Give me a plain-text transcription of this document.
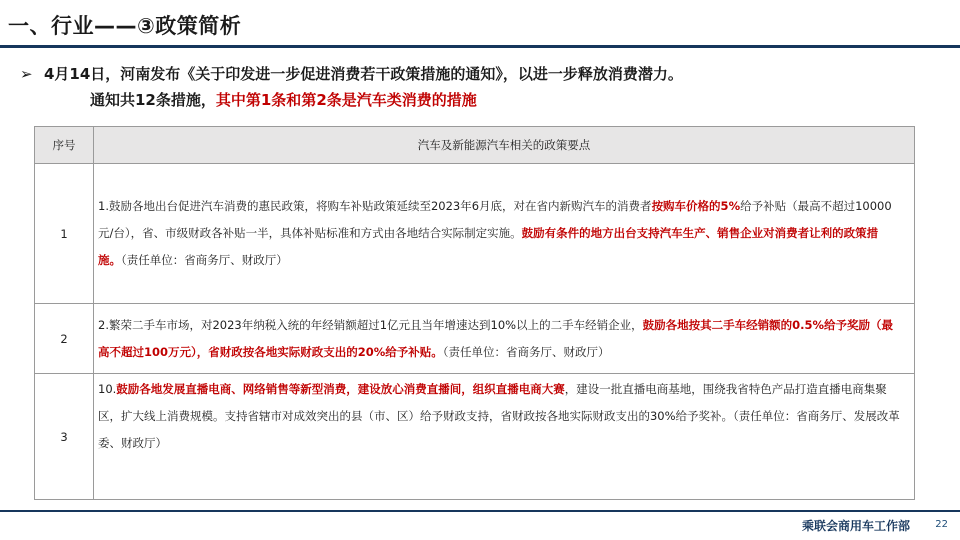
一、行业——③政策简析
➢ 4月14日，河南发布《关于印发进一步促进消费若干政策措施的通知》，以进一步释放消费潜力。
通知共12条措施，其中第1条和第2条是汽车类消费的措施
序号	汽车及新能源汽车相关的政策要点
1	1.鼓励各地出台促进汽车消费的惠民政策，将购车补贴政策延续至2023年6月底，对在省内新购汽车的消费者按购车价格的5%给予补贴（最高不超过10000元/台），省、市级财政各补贴一半，具体补贴标准和方式由各地结合实际制定实施。鼓励有条件的地方出台支持汽车生产、销售企业对消费者让利的政策措施。（责任单位：省商务厅、财政厅）
2	2.繁荣二手车市场，对2023年纳税入统的年经销额超过1亿元且当年增速达到10%以上的二手车经销企业，鼓励各地按其二手车经销额的0.5%给予奖励（最高不超过100万元），省财政按各地实际财政支出的20%给予补贴。（责任单位：省商务厅、财政厅）
3	10.鼓励各地发展直播电商、网络销售等新型消费，建设放心消费直播间，组织直播电商大赛，建设一批直播电商基地，围绕我省特色产品打造直播电商集聚区，扩大线上消费规模。支持省辖市对成效突出的县（市、区）给予财政支持，省财政按各地实际财政支出的30%给予奖补。（责任单位：省商务厅、发展改革委、财政厅）
乘联会商用车工作部	22
